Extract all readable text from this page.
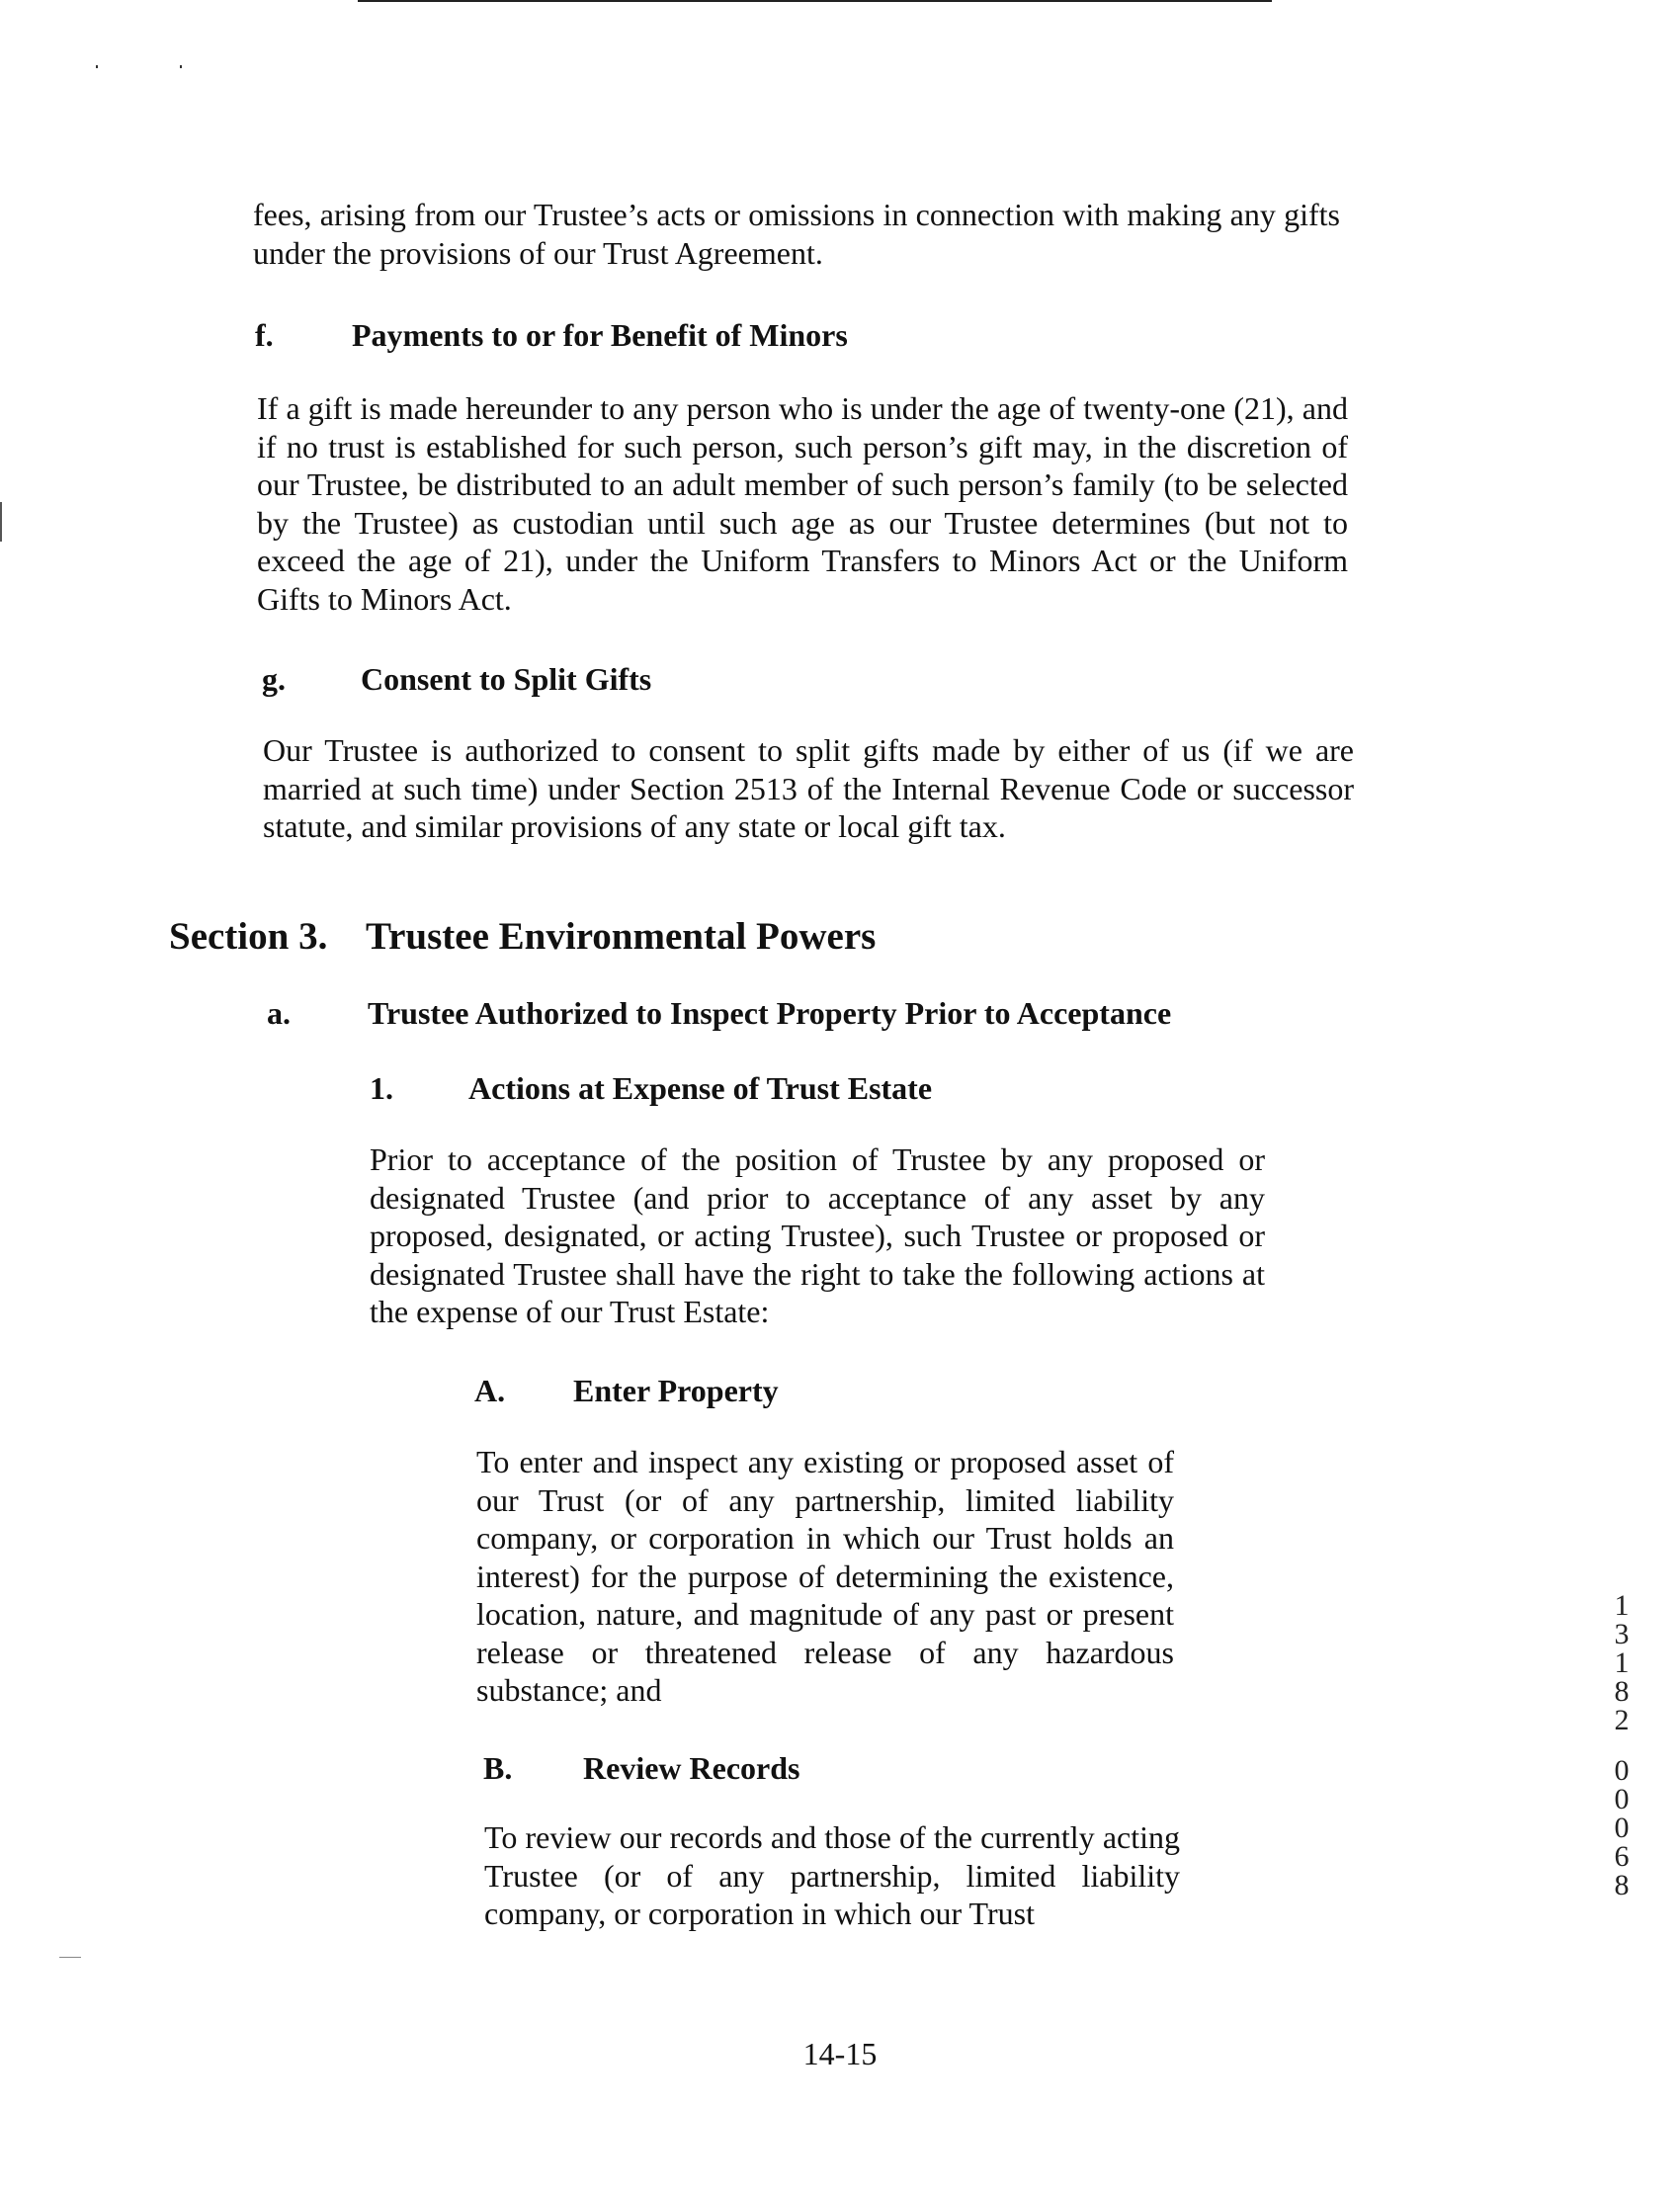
fees, arising from our Trustee’s acts or omissions in connection with making any gifts under the provisions of our Trust Agreement.

f. Payments to or for Benefit of Minors

If a gift is made hereunder to any person who is under the age of twenty-one (21), and if no trust is established for such person, such person’s gift may, in the discretion of our Trustee, be distributed to an adult member of such person’s family (to be selected by the Trustee) as custodian until such age as our Trustee determines (but not to exceed the age of 21), under the Uniform Transfers to Minors Act or the Uniform Gifts to Minors Act.

g. Consent to Split Gifts

Our Trustee is authorized to consent to split gifts made by either of us (if we are married at such time) under Section 2513 of the Internal Revenue Code or successor statute, and similar provisions of any state or local gift tax.

Section 3. Trustee Environmental Powers
a. Trustee Authorized to Inspect Property Prior to Acceptance
1. Actions at Expense of Trust Estate

Prior to acceptance of the position of Trustee by any proposed or designated Trustee (and prior to acceptance of any asset by any proposed, designated, or acting Trustee), such Trustee or proposed or designated Trustee shall have the right to take the following actions at the expense of our Trust Estate:

A. Enter Property

To enter and inspect any existing or proposed asset of our Trust (or of any partnership, limited liability company, or corporation in which our Trust holds an interest) for the purpose of determining the existence, location, nature, and magnitude of any past or present release or threatened release of any hazardous substance; and

B. Review Records

To review our records and those of the currently acting Trustee (or of any partnership, limited liability company, or corporation in which our Trust

14-15
13182
00068
